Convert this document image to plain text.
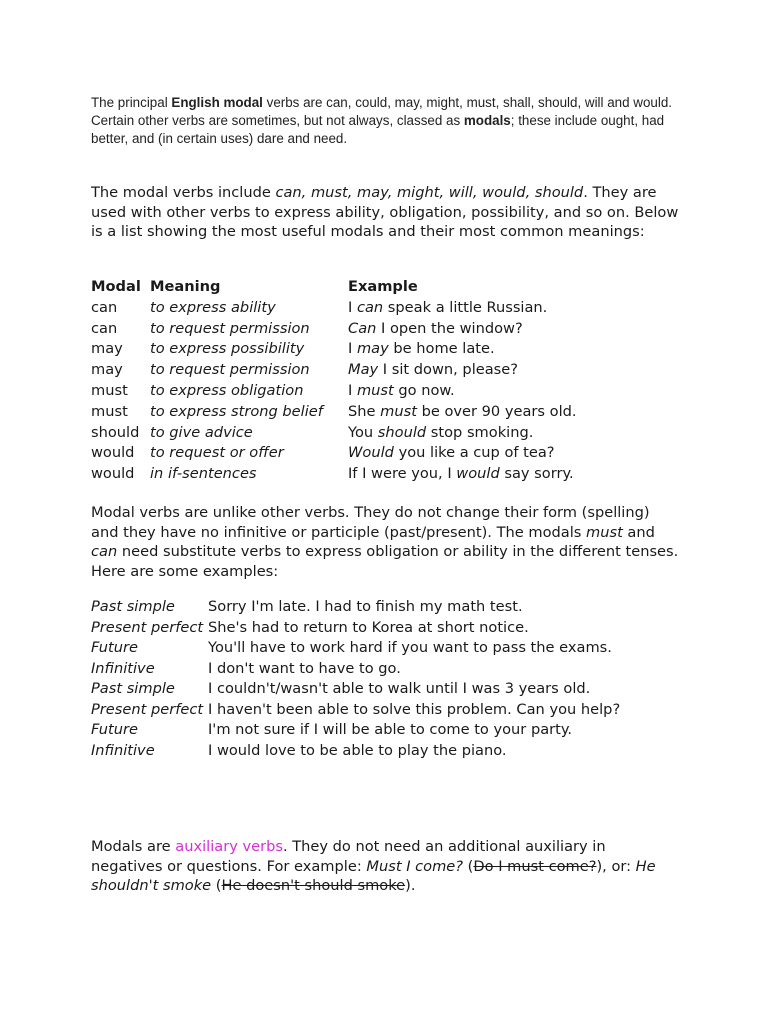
The principal English modal verbs are can, could, may, might, must, shall, should, will and would. Certain other verbs are sometimes, but not always, classed as modals; these include ought, had better, and (in certain uses) dare and need.

The modal verbs include can, must, may, might, will, would, should. They are used with other verbs to express ability, obligation, possibility, and so on. Below is a list showing the most useful modals and their most common meanings:

Modal	Meaning	Example
can	to express ability	I can speak a little Russian.
can	to request permission	Can I open the window?
may	to express possibility	I may be home late.
may	to request permission	May I sit down, please?
must	to express obligation	I must go now.
must	to express strong belief	She must be over 90 years old.
should	to give advice	You should stop smoking.
would	to request or offer	Would you like a cup of tea?
would	in if-sentences	If I were you, I would say sorry.

Modal verbs are unlike other verbs. They do not change their form (spelling) and they have no infinitive or participle (past/present). The modals must and can need substitute verbs to express obligation or ability in the different tenses. Here are some examples:

Past simple	Sorry I'm late. I had to finish my math test.
Present perfect	She's had to return to Korea at short notice.
Future	You'll have to work hard if you want to pass the exams.
Infinitive	I don't want to have to go.
Past simple	I couldn't/wasn't able to walk until I was 3 years old.
Present perfect	I haven't been able to solve this problem. Can you help?
Future	I'm not sure if I will be able to come to your party.
Infinitive	I would love to be able to play the piano.

Modals are auxiliary verbs. They do not need an additional auxiliary in negatives or questions. For example: Must I come? (Do I must come?), or: He shouldn't smoke (He doesn't should smoke).
